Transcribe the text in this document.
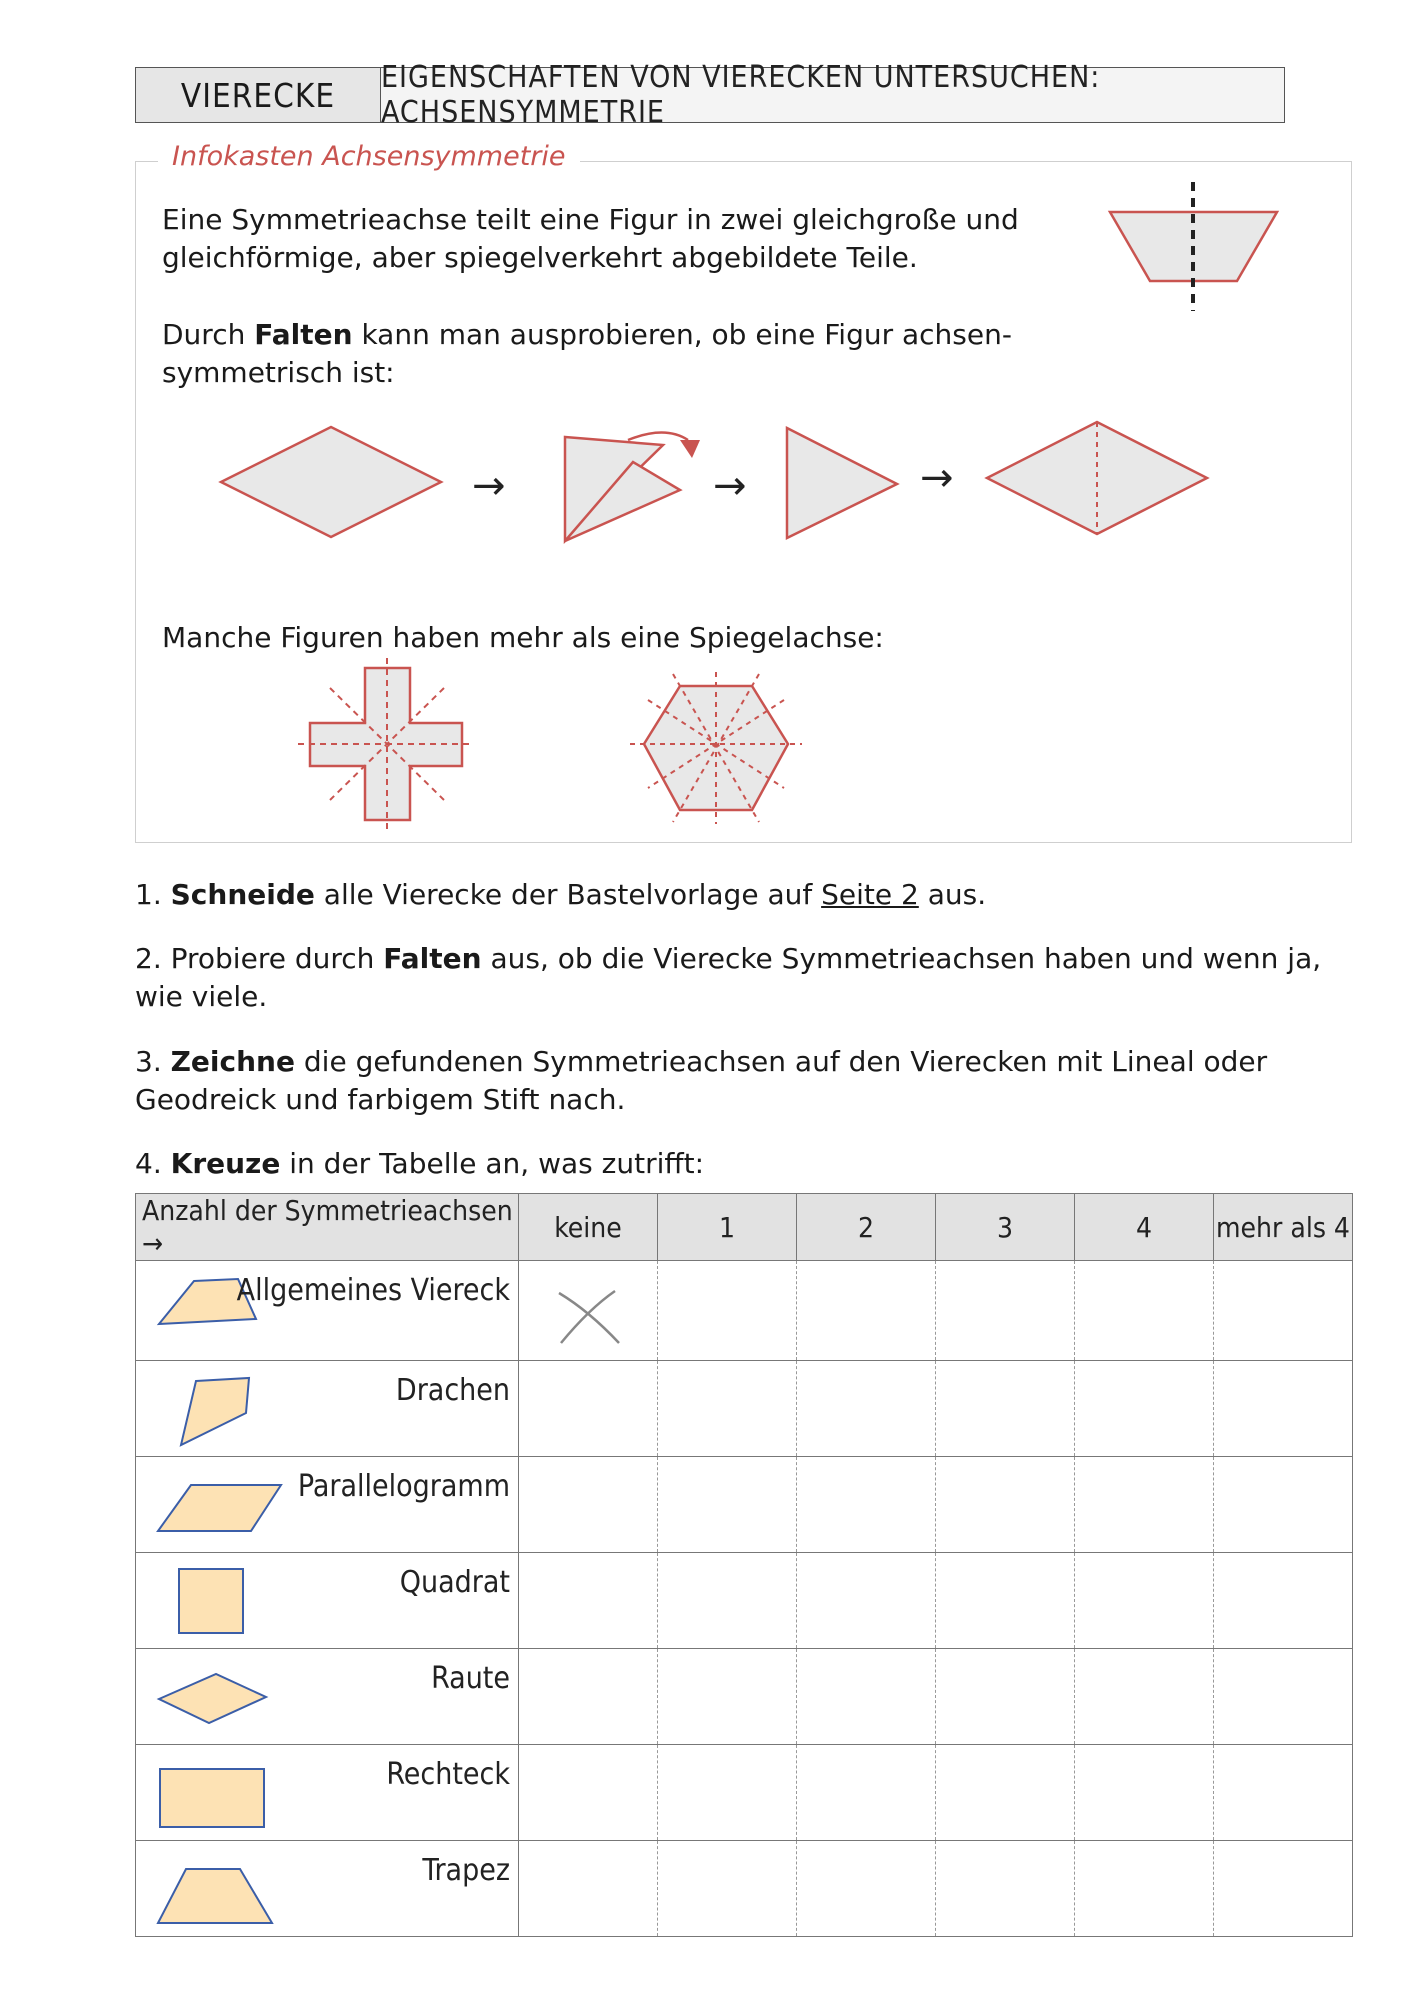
VIERECKE	EIGENSCHAFTEN VON VIERECKEN UNTERSUCHEN: ACHSENSYMMETRIE
Infokasten Achsensymmetrie
Eine Symmetrieachse teilt eine Figur in zwei gleichgroße und
gleichförmige, aber spiegelverkehrt abgebildete Teile.
Durch Falten kann man ausprobieren, ob eine Figur achsen-
symmetrisch ist:
Manche Figuren haben mehr als eine Spiegelachse:
→	→	→
1. Schneide alle Vierecke der Bastelvorlage auf Seite 2 aus.
2. Probiere durch Falten aus, ob die Vierecke Symmetrieachsen haben und wenn ja,
wie viele.
3. Zeichne die gefundenen Symmetrieachsen auf den Vierecken mit Lineal oder
Geodreick und farbigem Stift nach.
4. Kreuze in der Tabelle an, was zutrifft:
Anzahl der Symmetrieachsen →	keine	1	2	3	4	mehr als 4

Allgemeines Viereck

Drachen						

Parallelogramm						

Quadrat						

Raute						

Rechteck						

Trapez						
